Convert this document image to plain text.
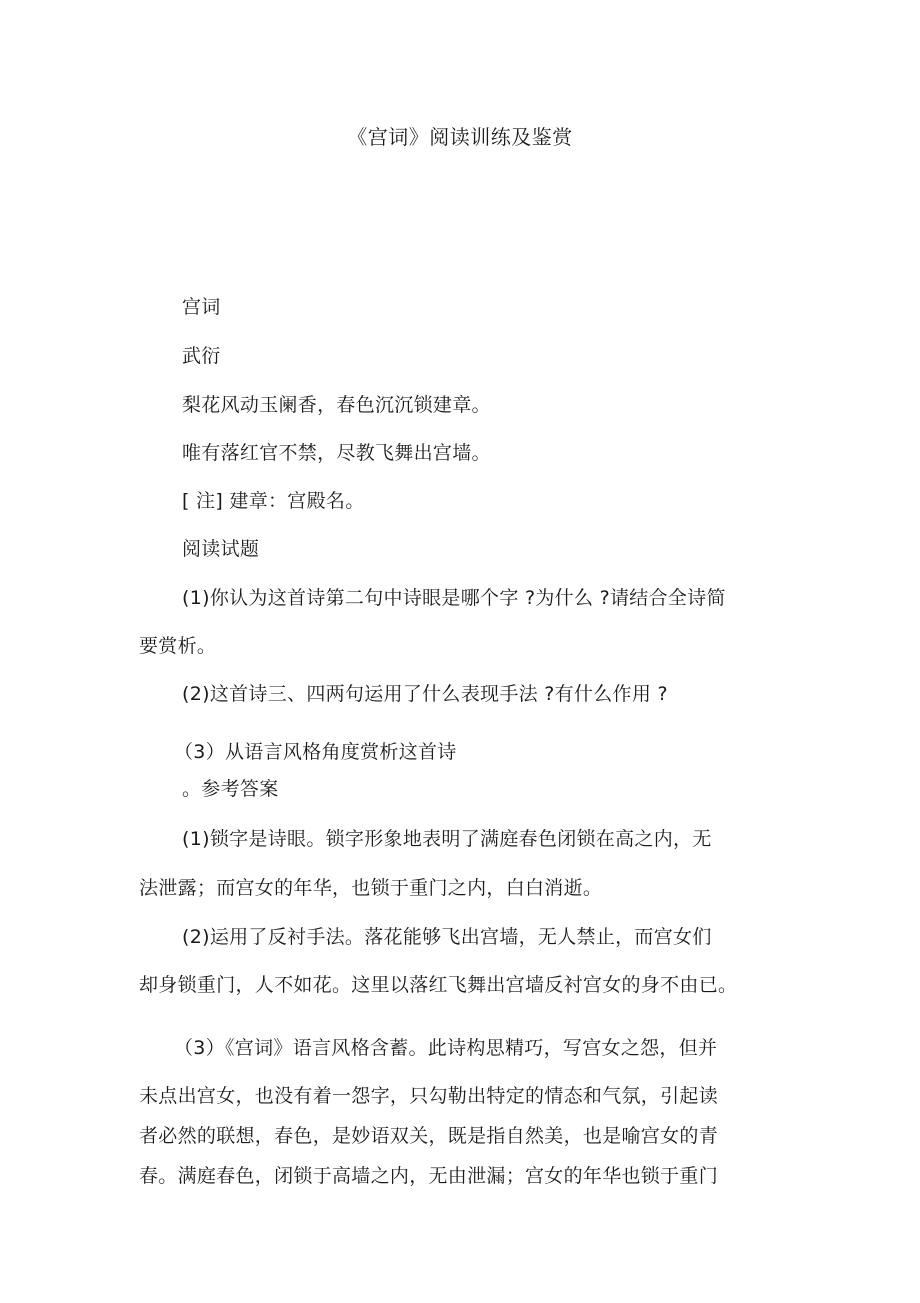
《宫词》阅读训练及鉴赏
宫词
武衍
梨花风动玉阑香，春色沉沉锁建章。
唯有落红官不禁，尽教飞舞出宫墙。
[ 注] 建章：宫殿名。
阅读试题
(1)你认为这首诗第二句中诗眼是哪个字 ?为什么 ?请结合全诗简
要赏析。
(2)这首诗三、四两句运用了什么表现手法 ?有什么作用 ?
（3）从语言风格角度赏析这首诗
。参考答案
(1)锁字是诗眼。锁字形象地表明了满庭春色闭锁在高之内，无
法泄露；而宫女的年华，也锁于重门之内，白白消逝。
(2)运用了反衬手法。落花能够飞出宫墙，无人禁止，而宫女们
却身锁重门，人不如花。这里以落红飞舞出宫墙反衬宫女的身不由已。
（3）《宫词》语言风格含蓄。此诗构思精巧，写宫女之怨，但并
未点出宫女，也没有着一怨字，只勾勒出特定的情态和气氛，引起读
者必然的联想，春色，是妙语双关，既是指自然美，也是喻宫女的青
春。满庭春色，闭锁于高墙之内，无由泄漏；宫女的年华也锁于重门
